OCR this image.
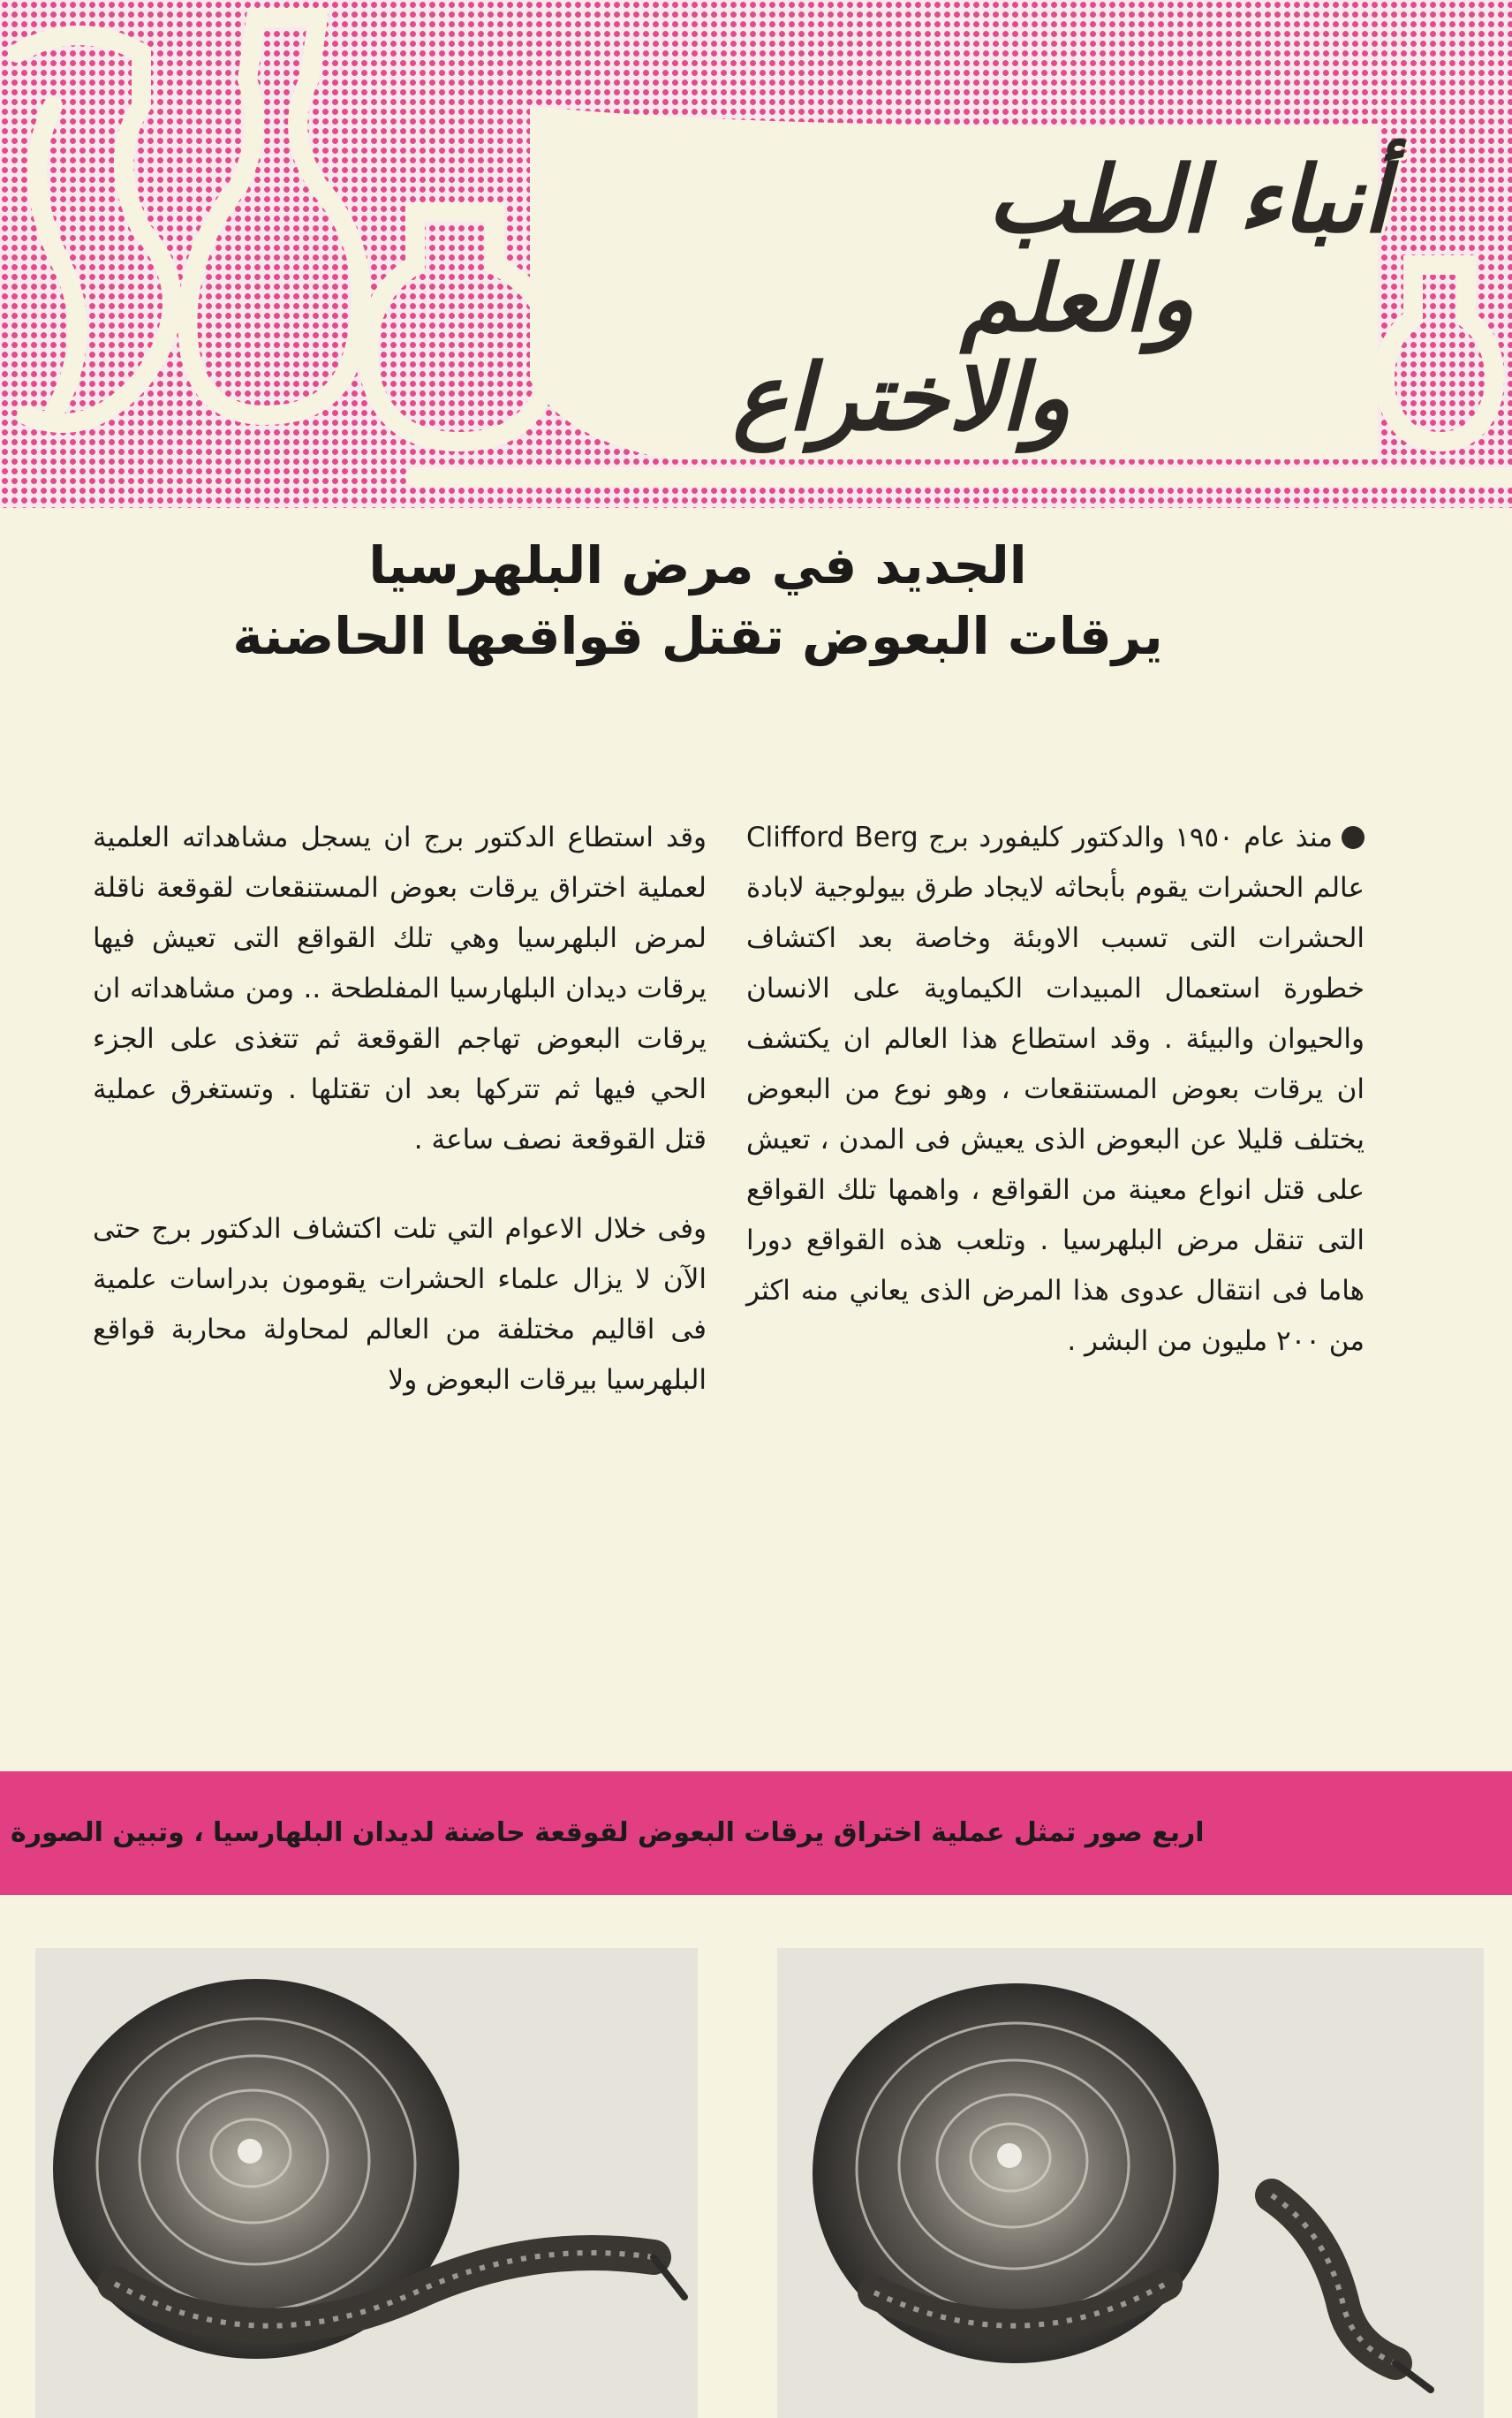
أنباء الطب
والعلم
والاختراع
الجديد في مرض البلهرسيا
يرقات البعوض تقتل قواقعها الحاضنة

منذ عام ١٩٥٠ والدكتور كليفورد برج Clifford Berg عالم الحشرات يقوم بأبحاثه لايجاد طرق بيولوجية لابادة الحشرات التى تسبب الاوبئة وخاصة بعد اكتشاف خطورة استعمال المبيدات الكيماوية على الانسان والحيوان والبيئة . وقد استطاع هذا العالم ان يكتشف ان يرقات بعوض المستنقعات ، وهو نوع من البعوض يختلف قليلا عن البعوض الذى يعيش فى المدن ، تعيش على قتل انواع معينة من القواقع ، واهمها تلك القواقع التى تنقل مرض البلهرسيا . وتلعب هذه القواقع دورا هاما فى انتقال عدوى هذا المرض الذى يعاني منه اكثر من ٢٠٠ مليون من البشر .

وقد استطاع الدكتور برج ان يسجل مشاهداته العلمية لعملية اختراق يرقات بعوض المستنقعات لقوقعة ناقلة لمرض البلهرسيا وهي تلك القواقع التى تعيش فيها يرقات ديدان البلهارسيا المفلطحة .. ومن مشاهداته ان يرقات البعوض تهاجم القوقعة ثم تتغذى على الجزء الحي فيها ثم تتركها بعد ان تقتلها . وتستغرق عملية قتل القوقعة نصف ساعة .

وفى خلال الاعوام التي تلت اكتشاف الدكتور برج حتى الآن لا يزال علماء الحشرات يقومون بدراسات علمية فى اقاليم مختلفة من العالم لمحاولة محاربة قواقع البلهرسيا بيرقات البعوض ولا

اربع صور تمثل عملية اختراق يرقات البعوض لقوقعة حاضنة لديدان البلهارسيا ، وتبين الصورة
